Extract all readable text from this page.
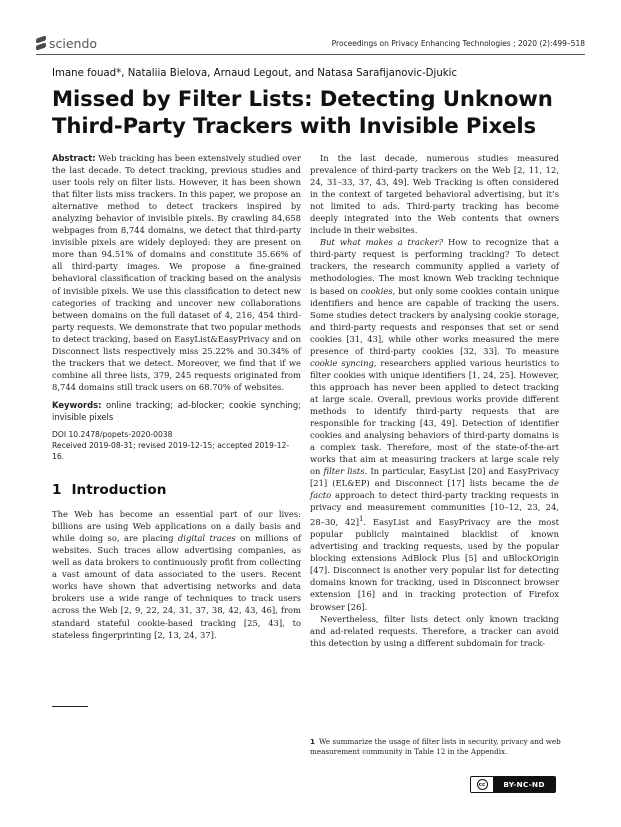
sciendo	Proceedings on Privacy Enhancing Technologies ; 2020 (2):499–518
Imane fouad*, Nataliia Bielova, Arnaud Legout, and Natasa Sarafijanovic-Djukic
Missed by Filter Lists: Detecting Unknown
Third-Party Trackers with Invisible Pixels

Abstract: Web tracking has been extensively studied over the last decade. To detect tracking, previous studies and user tools rely on filter lists. However, it has been shown that filter lists miss trackers. In this paper, we propose an alternative method to detect trackers inspired by analyzing behavior of invisible pixels. By crawling 84,658 webpages from 8,744 domains, we detect that third-party invisible pixels are widely deployed: they are present on more than 94.51% of domains and constitute 35.66% of all third-party images. We propose a fine-grained behavioral classification of tracking based on the analysis of invisible pixels. We use this classification to detect new categories of tracking and uncover new collaborations between domains on the full dataset of 4, 216, 454 third-party requests. We demonstrate that two popular methods to detect tracking, based on EasyList&EasyPrivacy and on Disconnect lists respectively miss 25.22% and 30.34% of the trackers that we detect. Moreover, we find that if we combine all three lists, 379, 245 requests originated from 8,744 domains still track users on 68.70% of websites.

Keywords: online tracking; ad-blocker; cookie synching; invisible pixels

DOI 10.2478/popets-2020-0038
Received 2019-08-31; revised 2019-12-15; accepted 2019-12-16.
1 Introduction

The Web has become an essential part of our lives: billions are using Web applications on a daily basis and while doing so, are placing digital traces on millions of websites. Such traces allow advertising companies, as well as data brokers to continuously profit from collecting a vast amount of data associated to the users. Recent works have shown that advertising networks and data brokers use a wide range of techniques to track users across the Web [2, 9, 22, 24, 31, 37, 38, 42, 43, 46], from standard stateful cookie-based tracking [25, 43], to stateless fingerprinting [2, 13, 24, 37].

In the last decade, numerous studies measured prevalence of third-party trackers on the Web [2, 11, 12, 24, 31–33, 37, 43, 49]. Web Tracking is often considered in the context of targeted behavioral advertising, but it’s not limited to ads. Third-party tracking has become deeply integrated into the Web contents that owners include in their websites.

But what makes a tracker? How to recognize that a third-party request is performing tracking? To detect trackers, the research community applied a variety of methodologies. The most known Web tracking technique is based on cookies, but only some cookies contain unique identifiers and hence are capable of tracking the users. Some studies detect trackers by analysing cookie storage, and third-party requests and responses that set or send cookies [31, 43], while other works measured the mere presence of third-party cookies [32, 33]. To measure cookie syncing, researchers applied various heuristics to filter cookies with unique identifiers [1, 24, 25]. However, this approach has never been applied to detect tracking at large scale. Overall, previous works provide different methods to identify third-party requests that are responsible for tracking [43, 49]. Detection of identifier cookies and analysing behaviors of third-party domains is a complex task. Therefore, most of the state-of-the-art works that aim at measuring trackers at large scale rely on filter lists. In particular, EasyList [20] and EasyPrivacy [21] (EL&EP) and Disconnect [17] lists became the de facto approach to detect third-party tracking requests in privacy and measurement communities [10–12, 23, 24, 28–30, 42]$^1$. EasyList and EasyPrivacy are the most popular publicly maintained blacklist of known advertising and tracking requests, used by the popular blocking extensions AdBlock Plus [5] and uBlockOrigin [47]. Disconnect is another very popular list for detecting domains known for tracking, used in Disconnect browser extension [16] and in tracking protection of Firefox browser [26].

Nevertheless, filter lists detect only known tracking and ad-related requests. Therefore, a tracker can avoid this detection by using a different subdomain for track-

1 We summarize the usage of filter lists in security, privacy and web measurement community in Table 12 in the Appendix.
cc	BY-NC-ND
